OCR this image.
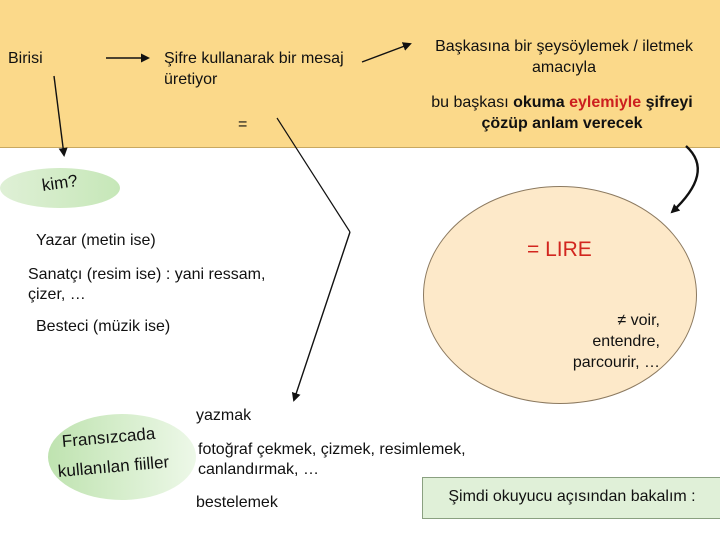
Birisi	Şifre kullanarak bir mesaj
üretiyor
=
Başkasına bir şeysöylemek / iletmek
amacıyla
bu başkası okuma eylemiyle şifreyi
çözüp anlam verecek
kim?
Yazar (metin ise)
Sanatçı (resim ise) : yani ressam,
çizer, …
Besteci (müzik ise)
= LIRE
≠ voir,
entendre,
parcourir, …
yazmak
fotoğraf çekmek, çizmek, resimlemek,
canlandırmak, …
bestelemek
Fransızcada
kullanılan fiiller
Şimdi okuyucu açısından bakalım :
